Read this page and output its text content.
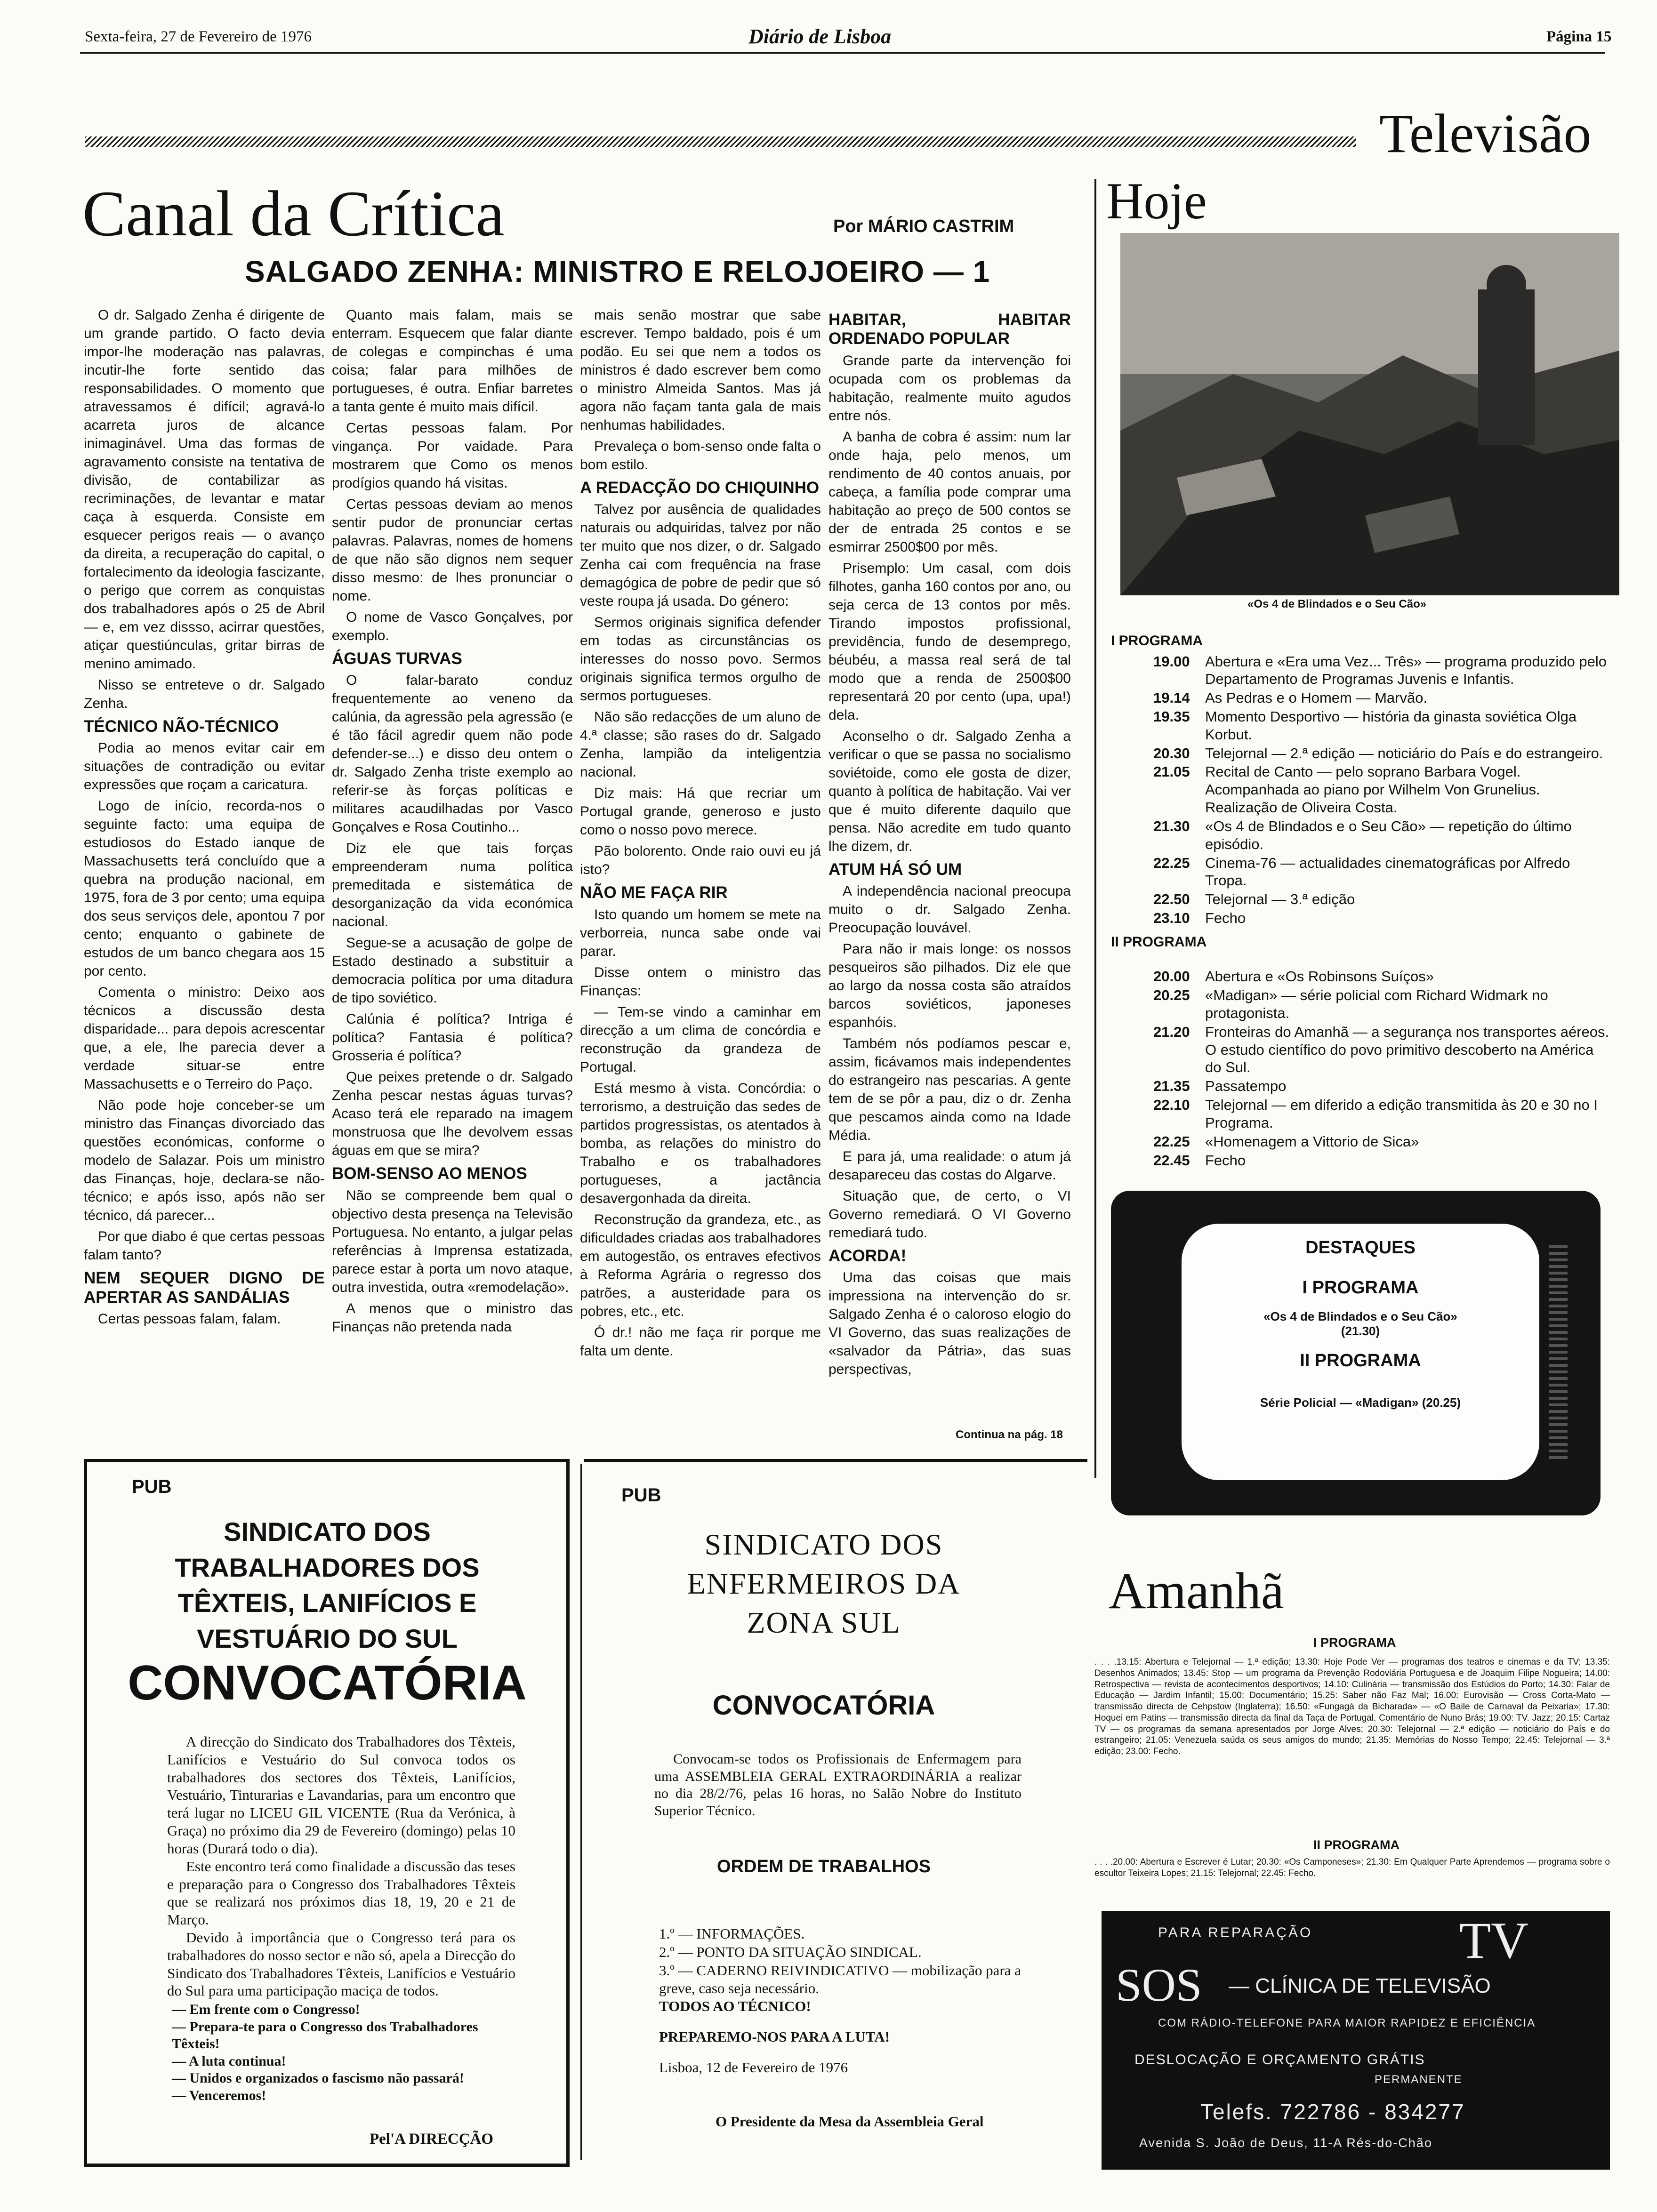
Sexta-feira, 27 de Fevereiro de 1976	Diário de Lisboa	Página 15
Televisão
Canal da Crítica	Por MÁRIO CASTRIM
SALGADO ZENHA: MINISTRO E RELOJOEIRO — 1

O dr. Salgado Zenha é dirigente de um grande partido. O facto devia impor-lhe moderação nas palavras, incutir-lhe forte sentido das responsabilidades. O momento que atravessamos é difícil; agravá-lo acarreta juros de alcance inimaginável. Uma das formas de agravamento consiste na tentativa de divisão, de contabilizar as recriminações, de levantar e matar caça à esquerda. Consiste em esquecer perigos reais — o avanço da direita, a recuperação do capital, o fortalecimento da ideologia fascizante, o perigo que correm as conquistas dos trabalhadores após o 25 de Abril — e, em vez dissso, acirrar questões, atiçar questiúnculas, gritar birras de menino amimado.

Nisso se entreteve o dr. Salgado Zenha.

TÉCNICO NÃO-TÉCNICO

Podia ao menos evitar cair em situações de contradição ou evitar expressões que roçam a caricatura.

Logo de início, recorda-nos o seguinte facto: uma equipa de estudiosos do Estado ianque de Massachusetts terá concluído que a quebra na produção nacional, em 1975, fora de 3 por cento; uma equipa dos seus serviços dele, apontou 7 por cento; enquanto o gabinete de estudos de um banco chegara aos 15 por cento.

Comenta o ministro: Deixo aos técnicos a discussão desta disparidade... para depois acrescentar que, a ele, lhe parecia dever a verdade situar-se entre Massachusetts e o Terreiro do Paço.

Não pode hoje conceber-se um ministro das Finanças divorciado das questões económicas, conforme o modelo de Salazar. Pois um ministro das Finanças, hoje, declara-se não-técnico; e após isso, após não ser técnico, dá parecer...

Por que diabo é que certas pessoas falam tanto?

NEM SEQUER DIGNO DE APERTAR AS SANDÁLIAS

Certas pessoas falam, falam.

Quanto mais falam, mais se enterram. Esquecem que falar diante de colegas e compinchas é uma coisa; falar para milhões de portugueses, é outra. Enfiar barretes a tanta gente é muito mais difícil.

Certas pessoas falam. Por vingança. Por vaidade. Para mostrarem que Como os menos prodígios quando há visitas.

Certas pessoas deviam ao menos sentir pudor de pronunciar certas palavras. Palavras, nomes de homens de que não são dignos nem sequer disso mesmo: de lhes pronunciar o nome.

O nome de Vasco Gonçalves, por exemplo.

ÁGUAS TURVAS

O falar-barato conduz frequentemente ao veneno da calúnia, da agressão pela agressão (e é tão fácil agredir quem não pode defender-se...) e disso deu ontem o dr. Salgado Zenha triste exemplo ao referir-se às forças políticas e militares acaudilhadas por Vasco Gonçalves e Rosa Coutinho...

Diz ele que tais forças empreenderam numa política premeditada e sistemática de desorganização da vida económica nacional.

Segue-se a acusação de golpe de Estado destinado a substituir a democracia política por uma ditadura de tipo soviético.

Calúnia é política? Intriga é política? Fantasia é política? Grosseria é política?

Que peixes pretende o dr. Salgado Zenha pescar nestas águas turvas? Acaso terá ele reparado na imagem monstruosa que lhe devolvem essas águas em que se mira?

BOM-SENSO AO MENOS

Não se compreende bem qual o objectivo desta presença na Televisão Portuguesa. No entanto, a julgar pelas referências à Imprensa estatizada, parece estar à porta um novo ataque, outra investida, outra «remodelação».

A menos que o ministro das Finanças não pretenda nada

mais senão mostrar que sabe escrever. Tempo baldado, pois é um podão. Eu sei que nem a todos os ministros é dado escrever bem como o ministro Almeida Santos. Mas já agora não façam tanta gala de mais nenhumas habilidades.

Prevaleça o bom-senso onde falta o bom estilo.

A REDACÇÃO DO CHIQUINHO

Talvez por ausência de qualidades naturais ou adquiridas, talvez por não ter muito que nos dizer, o dr. Salgado Zenha cai com frequência na frase demagógica de pobre de pedir que só veste roupa já usada. Do género:

Sermos originais significa defender em todas as circunstâncias os interesses do nosso povo. Sermos originais significa termos orgulho de sermos portugueses.

Não são redacções de um aluno de 4.ª classe; são rases do dr. Salgado Zenha, lampião da inteligentzia nacional.

Diz mais: Há que recriar um Portugal grande, generoso e justo como o nosso povo merece.

Pão bolorento. Onde raio ouvi eu já isto?

NÃO ME FAÇA RIR

Isto quando um homem se mete na verborreia, nunca sabe onde vai parar.

Disse ontem o ministro das Finanças:

— Tem-se vindo a caminhar em direcção a um clima de concórdia e reconstrução da grandeza de Portugal.

Está mesmo à vista. Concórdia: o terrorismo, a destruição das sedes de partidos progressistas, os atentados à bomba, as relações do ministro do Trabalho e os trabalhadores portugueses, a jactância desavergonhada da direita.

Reconstrução da grandeza, etc., as dificuldades criadas aos trabalhadores em autogestão, os entraves efectivos à Reforma Agrária o regresso dos patrões, a austeridade para os pobres, etc., etc.

Ó dr.! não me faça rir porque me falta um dente.

HABITAR, HABITAR ORDENADO POPULAR

Grande parte da intervenção foi ocupada com os problemas da habitação, realmente muito agudos entre nós.

A banha de cobra é assim: num lar onde haja, pelo menos, um rendimento de 40 contos anuais, por cabeça, a família pode comprar uma habitação ao preço de 500 contos se der de entrada 25 contos e se esmirrar 2500$00 por mês.

Prisemplo: Um casal, com dois filhotes, ganha 160 contos por ano, ou seja cerca de 13 contos por mês. Tirando impostos profissional, previdência, fundo de desemprego, béubéu, a massa real será de tal modo que a renda de 2500$00 representará 20 por cento (upa, upa!) dela.

Aconselho o dr. Salgado Zenha a verificar o que se passa no socialismo soviétoide, como ele gosta de dizer, quanto à política de habitação. Vai ver que é muito diferente daquilo que pensa. Não acredite em tudo quanto lhe dizem, dr.

ATUM HÁ SÓ UM

A independência nacional preocupa muito o dr. Salgado Zenha. Preocupação louvável.

Para não ir mais longe: os nossos pesqueiros são pilhados. Diz ele que ao largo da nossa costa são atraídos barcos soviéticos, japoneses espanhóis.

Também nós podíamos pescar e, assim, ficávamos mais independentes do estrangeiro nas pescarias. A gente tem de se pôr a pau, diz o dr. Zenha que pescamos ainda como na Idade Média.

E para já, uma realidade: o atum já desapareceu das costas do Algarve.

Situação que, de certo, o VI Governo remediará. O VI Governo remediará tudo.

ACORDA!

Uma das coisas que mais impressiona na intervenção do sr. Salgado Zenha é o caloroso elogio do VI Governo, das suas realizações de «salvador da Pátria», das suas perspectivas,

Continua na pág. 18
Hoje
«Os 4 de Blindados e o Seu Cão»
I PROGRAMA
19.00	Abertura e «Era uma Vez... Três» — programa produzido pelo Departamento de Programas Juvenis e Infantis.
19.14	As Pedras e o Homem — Marvão.
19.35	Momento Desportivo — história da ginasta soviética Olga Korbut.
20.30	Telejornal — 2.ª edição — noticiário do País e do estrangeiro.
21.05	Recital de Canto — pelo soprano Barbara Vogel. Acompanhada ao piano por Wilhelm Von Grunelius. Realização de Oliveira Costa.
21.30	«Os 4 de Blindados e o Seu Cão» — repetição do último episódio.
22.25	Cinema-76 — actualidades cinematográficas por Alfredo Tropa.
22.50	Telejornal — 3.ª edição
23.10	Fecho
II PROGRAMA
20.00	Abertura e «Os Robinsons Suíços»
20.25	«Madigan» — série policial com Richard Widmark no protagonista.
21.20	Fronteiras do Amanhã — a segurança nos transportes aéreos. O estudo científico do povo primitivo descoberto na América do Sul.
21.35	Passatempo
22.10	Telejornal — em diferido a edição transmitida às 20 e 30 no I Programa.
22.25	«Homenagem a Vittorio de Sica»
22.45	Fecho
DESTAQUES
I PROGRAMA
«Os 4 de Blindados e o Seu Cão»
(21.30)
II PROGRAMA
Série Policial — «Madigan» (20.25)
Amanhã
I PROGRAMA
. . . .13.15: Abertura e Telejornal — 1.ª edição; 13.30: Hoje Pode Ver — programas dos teatros e cinemas e da TV; 13.35: Desenhos Animados; 13.45: Stop — um programa da Prevenção Rodoviária Portuguesa e de Joaquim Filipe Nogueira; 14.00: Retrospectiva — revista de acontecimentos desportivos; 14.10: Culinária — transmissão dos Estúdios do Porto; 14.30: Falar de Educação — Jardim Infantil; 15.00: Documentário; 15.25: Saber não Faz Mal; 16.00: Eurovisão — Cross Corta-Mato — transmissão directa de Cehpstow (Inglaterra); 16.50: «Fungagá da Bicharada» — «O Baile de Carnaval da Peixaria»; 17.30: Hoquei em Patins — transmissão directa da final da Taça de Portugal. Comentário de Nuno Brás; 19.00: TV. Jazz; 20.15: Cartaz TV — os programas da semana apresentados por Jorge Alves; 20.30: Telejornal — 2.ª edição — noticiário do País e do estrangeiro; 21.05: Venezuela saúda os seus amigos do mundo; 21.35: Memórias do Nosso Tempo; 22.45: Telejornal — 3.ª edição; 23.00: Fecho.
II PROGRAMA
. . . .20.00: Abertura e Escrever é Lutar; 20.30: «Os Camponeses»; 21.30: Em Qualquer Parte Aprendemos — programa sobre o escultor Teixeira Lopes; 21.15: Telejornal; 22.45: Fecho.
PARA REPARAÇÃO	TV
SOS — CLÍNICA DE TELEVISÃO
COM RÁDIO-TELEFONE PARA MAIOR RAPIDEZ E EFICIÊNCIA
DESLOCAÇÃO E ORÇAMENTO GRÁTIS
PERMANENTE
Telefs. 722786 - 834277
Avenida S. João de Deus, 11-A Rés-do-Chão
PUB
SINDICATO DOS TRABALHADORES DOS TÊXTEIS, LANIFÍCIOS E VESTUÁRIO DO SUL
CONVOCATÓRIA

A direcção do Sindicato dos Trabalhadores dos Têxteis, Lanifícios e Vestuário do Sul convoca todos os trabalhadores dos sectores dos Têxteis, Lanifícios, Vestuário, Tinturarias e Lavandarias, para um encontro que terá lugar no LICEU GIL VICENTE (Rua da Verónica, à Graça) no próximo dia 29 de Fevereiro (domingo) pelas 10 horas (Durará todo o dia).

Este encontro terá como finalidade a discussão das teses e preparação para o Congresso dos Trabalhadores Têxteis que se realizará nos próximos dias 18, 19, 20 e 21 de Março.

Devido à importância que o Congresso terá para os trabalhadores do nosso sector e não só, apela a Direcção do Sindicato dos Trabalhadores Têxteis, Lanifícios e Vestuário do Sul para uma participação maciça de todos.

— Em frente com o Congresso!
— Prepara-te para o Congresso dos Trabalhadores Têxteis!
— A luta continua!
— Unidos e organizados o fascismo não passará!
— Venceremos!
Pel'A DIRECÇÃO
PUB
SINDICATO DOS ENFERMEIROS DA ZONA SUL
CONVOCATÓRIA
Convocam-se todos os Profissionais de Enfermagem para uma ASSEMBLEIA GERAL EXTRAORDINÁRIA a realizar no dia 28/2/76, pelas 16 horas, no Salão Nobre do Instituto Superior Técnico.
ORDEM DE TRABALHOS
1.º — INFORMAÇÕES.
2.º — PONTO DA SITUAÇÃO SINDICAL.
3.º — CADERNO REIVINDICATIVO — mobilização para a greve, caso seja necessário.
TODOS AO TÉCNICO!
PREPAREMO-NOS PARA A LUTA!
Lisboa, 12 de Fevereiro de 1976
O Presidente da Mesa da Assembleia Geral
